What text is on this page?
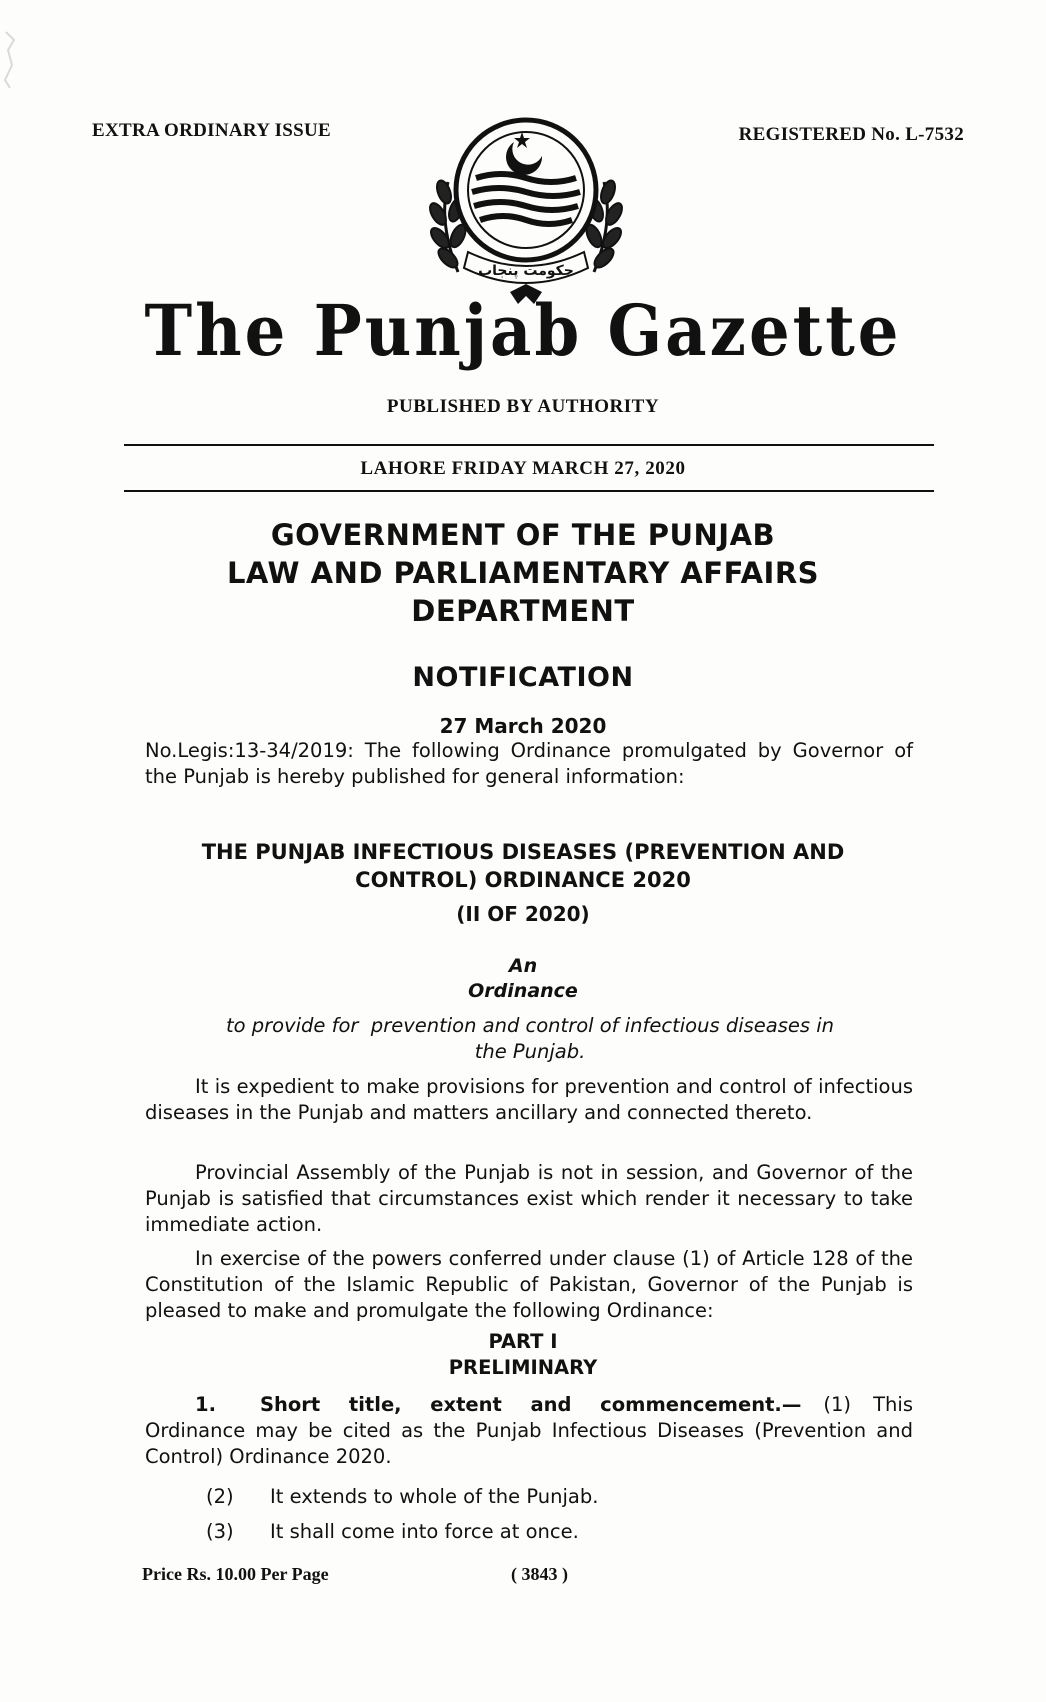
EXTRA ORDINARY ISSUE	REGISTERED No. L-7532
حکومت پنجاب
The Punjab Gazette
PUBLISHED BY AUTHORITY
LAHORE FRIDAY MARCH 27, 2020
GOVERNMENT OF THE PUNJAB
LAW AND PARLIAMENTARY AFFAIRS
DEPARTMENT
NOTIFICATION
27 March 2020
No.Legis:13-34/2019: The following Ordinance promulgated by Governor of the Punjab is hereby published for general information:
THE PUNJAB INFECTIOUS DISEASES (PREVENTION AND
CONTROL) ORDINANCE 2020
(II OF 2020)
An
Ordinance
to provide for  prevention and control of infectious diseases in
the Punjab.
It is expedient to make provisions for prevention and control of infectious diseases in the Punjab and matters ancillary and connected thereto.
Provincial Assembly of the Punjab is not in session, and Governor of the Punjab is satisfied that circumstances exist which render it necessary to take immediate action.
In exercise of the powers conferred under clause (1) of Article 128 of the Constitution of the Islamic Republic of Pakistan, Governor of the Punjab is pleased to make and promulgate the following Ordinance:
PART I
PRELIMINARY
1. Short title, extent and commencement.— (1) This Ordinance may be cited as the Punjab Infectious Diseases (Prevention and Control) Ordinance 2020.
(2) It extends to whole of the Punjab.
(3) It shall come into force at once.
Price Rs. 10.00 Per Page	( 3843 )
